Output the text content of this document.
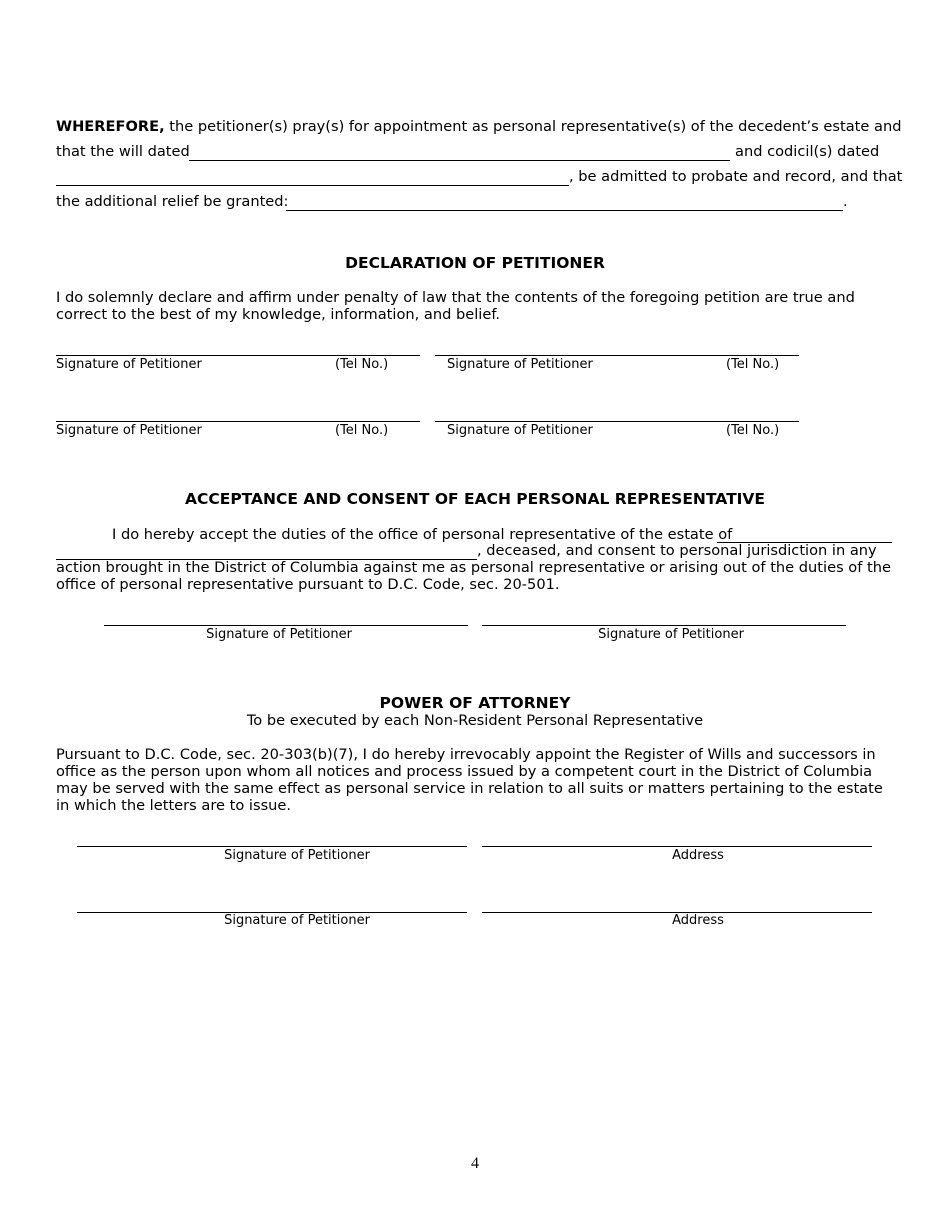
WHEREFORE, the petitioner(s) pray(s) for appointment as personal representative(s) of the decedent’s estate and
that the will dated	and codicil(s) dated
, be admitted to probate and record, and that
the additional relief be granted:	.
DECLARATION OF PETITIONER
I do solemnly declare and affirm under penalty of law that the contents of the foregoing petition are true and correct to the best of my knowledge, information, and belief.
Signature of Petitioner	(Tel No.)	Signature of Petitioner	(Tel No.)
Signature of Petitioner	(Tel No.)	Signature of Petitioner	(Tel No.)
ACCEPTANCE AND CONSENT OF EACH PERSONAL REPRESENTATIVE
I do hereby accept the duties of the office of personal representative of the estate of
, deceased, and consent to personal jurisdiction in any
action brought in the District of Columbia against me as personal representative or arising out of the duties of the
office of personal representative pursuant to D.C. Code, sec. 20-501.
Signature of Petitioner	Signature of Petitioner
POWER OF ATTORNEY
To be executed by each Non-Resident Personal Representative
Pursuant to D.C. Code, sec. 20-303(b)(7), I do hereby irrevocably appoint the Register of Wills and successors in office as the person upon whom all notices and process issued by a competent court in the District of Columbia may be served with the same effect as personal service in relation to all suits or matters pertaining to the estate in which the letters are to issue.
Signature of Petitioner	Address
Signature of Petitioner	Address
4
